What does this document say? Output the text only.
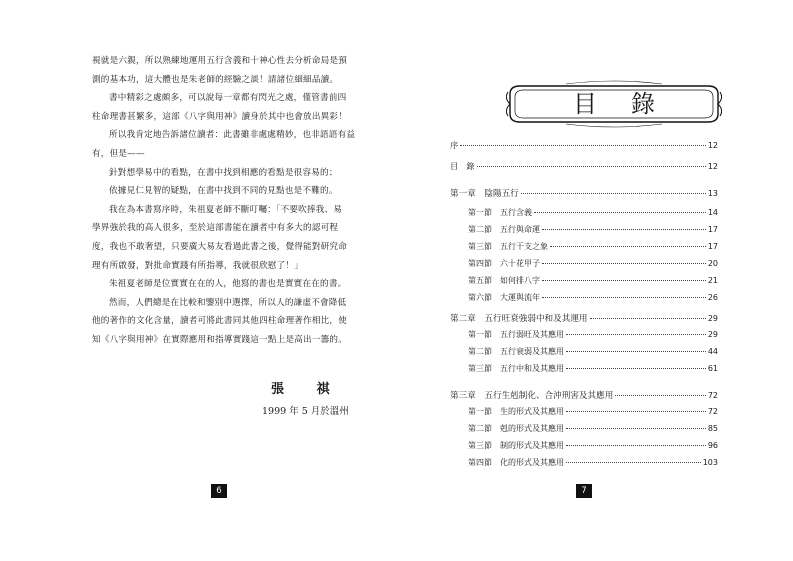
視就是六親，所以熟練地運用五行含義和十神心性去分析命局是預

測的基本功，這大體也是朱老師的經驗之談！請諸位細細品讀。

書中精彩之處頗多，可以說每一章都有閃光之處，僅管書前四

柱命理書甚繁多，這部《八字與用神》讀身於其中也會放出異彩！

所以我肯定地告訴諸位讀者：此書雖非處處精妙，也非語語有益

有，但是——

針對想學易中的看點，在書中找到相應的看點是很容易的；

依據見仁見智的疑點，在書中找到不同的見點也是不難的。

我在為本書寫序時，朱祖夏老師不斷叮囑：「不要吹捧我、易

學界強於我的高人很多，至於這部書能在讀者中有多大的認可程

度，我也不敢奢望，只要廣大易友看過此書之後，覺得能對研究命

理有所啟發，對批命實踐有所指導，我就很欣慰了！」

朱祖夏老師是位實實在在的人，他寫的書也是實實在在的書。

然而，人們總是在比較和鑒別中選擇，所以人的謙虛不會降低

他的著作的文化含量，讀者可將此書同其他四柱命理著作相比，使

知《八字與用神》在實際應用和指導實踐這一點上是高出一籌的。

張 祺
1999 年 5 月於溫州
6
目錄
序	12
目　錄	12
第一章　陰陽五行	13
第一節　五行含義	14
第二節　五行與命運	17
第三節　五行干支之象	17
第四節　六十花甲子	20
第五節　如何排八字	21
第六節　大運與流年	26
第二章　五行旺衰強弱中和及其運用	29
第一節　五行弱旺及其應用	29
第二節　五行衰弱及其應用	44
第三節　五行中和及其應用	61
第三章　五行生剋制化、合沖刑害及其應用	72
第一節　生的形式及其應用	72
第二節　剋的形式及其應用	85
第三節　制的形式及其應用	96
第四節　化的形式及其應用	103
7
